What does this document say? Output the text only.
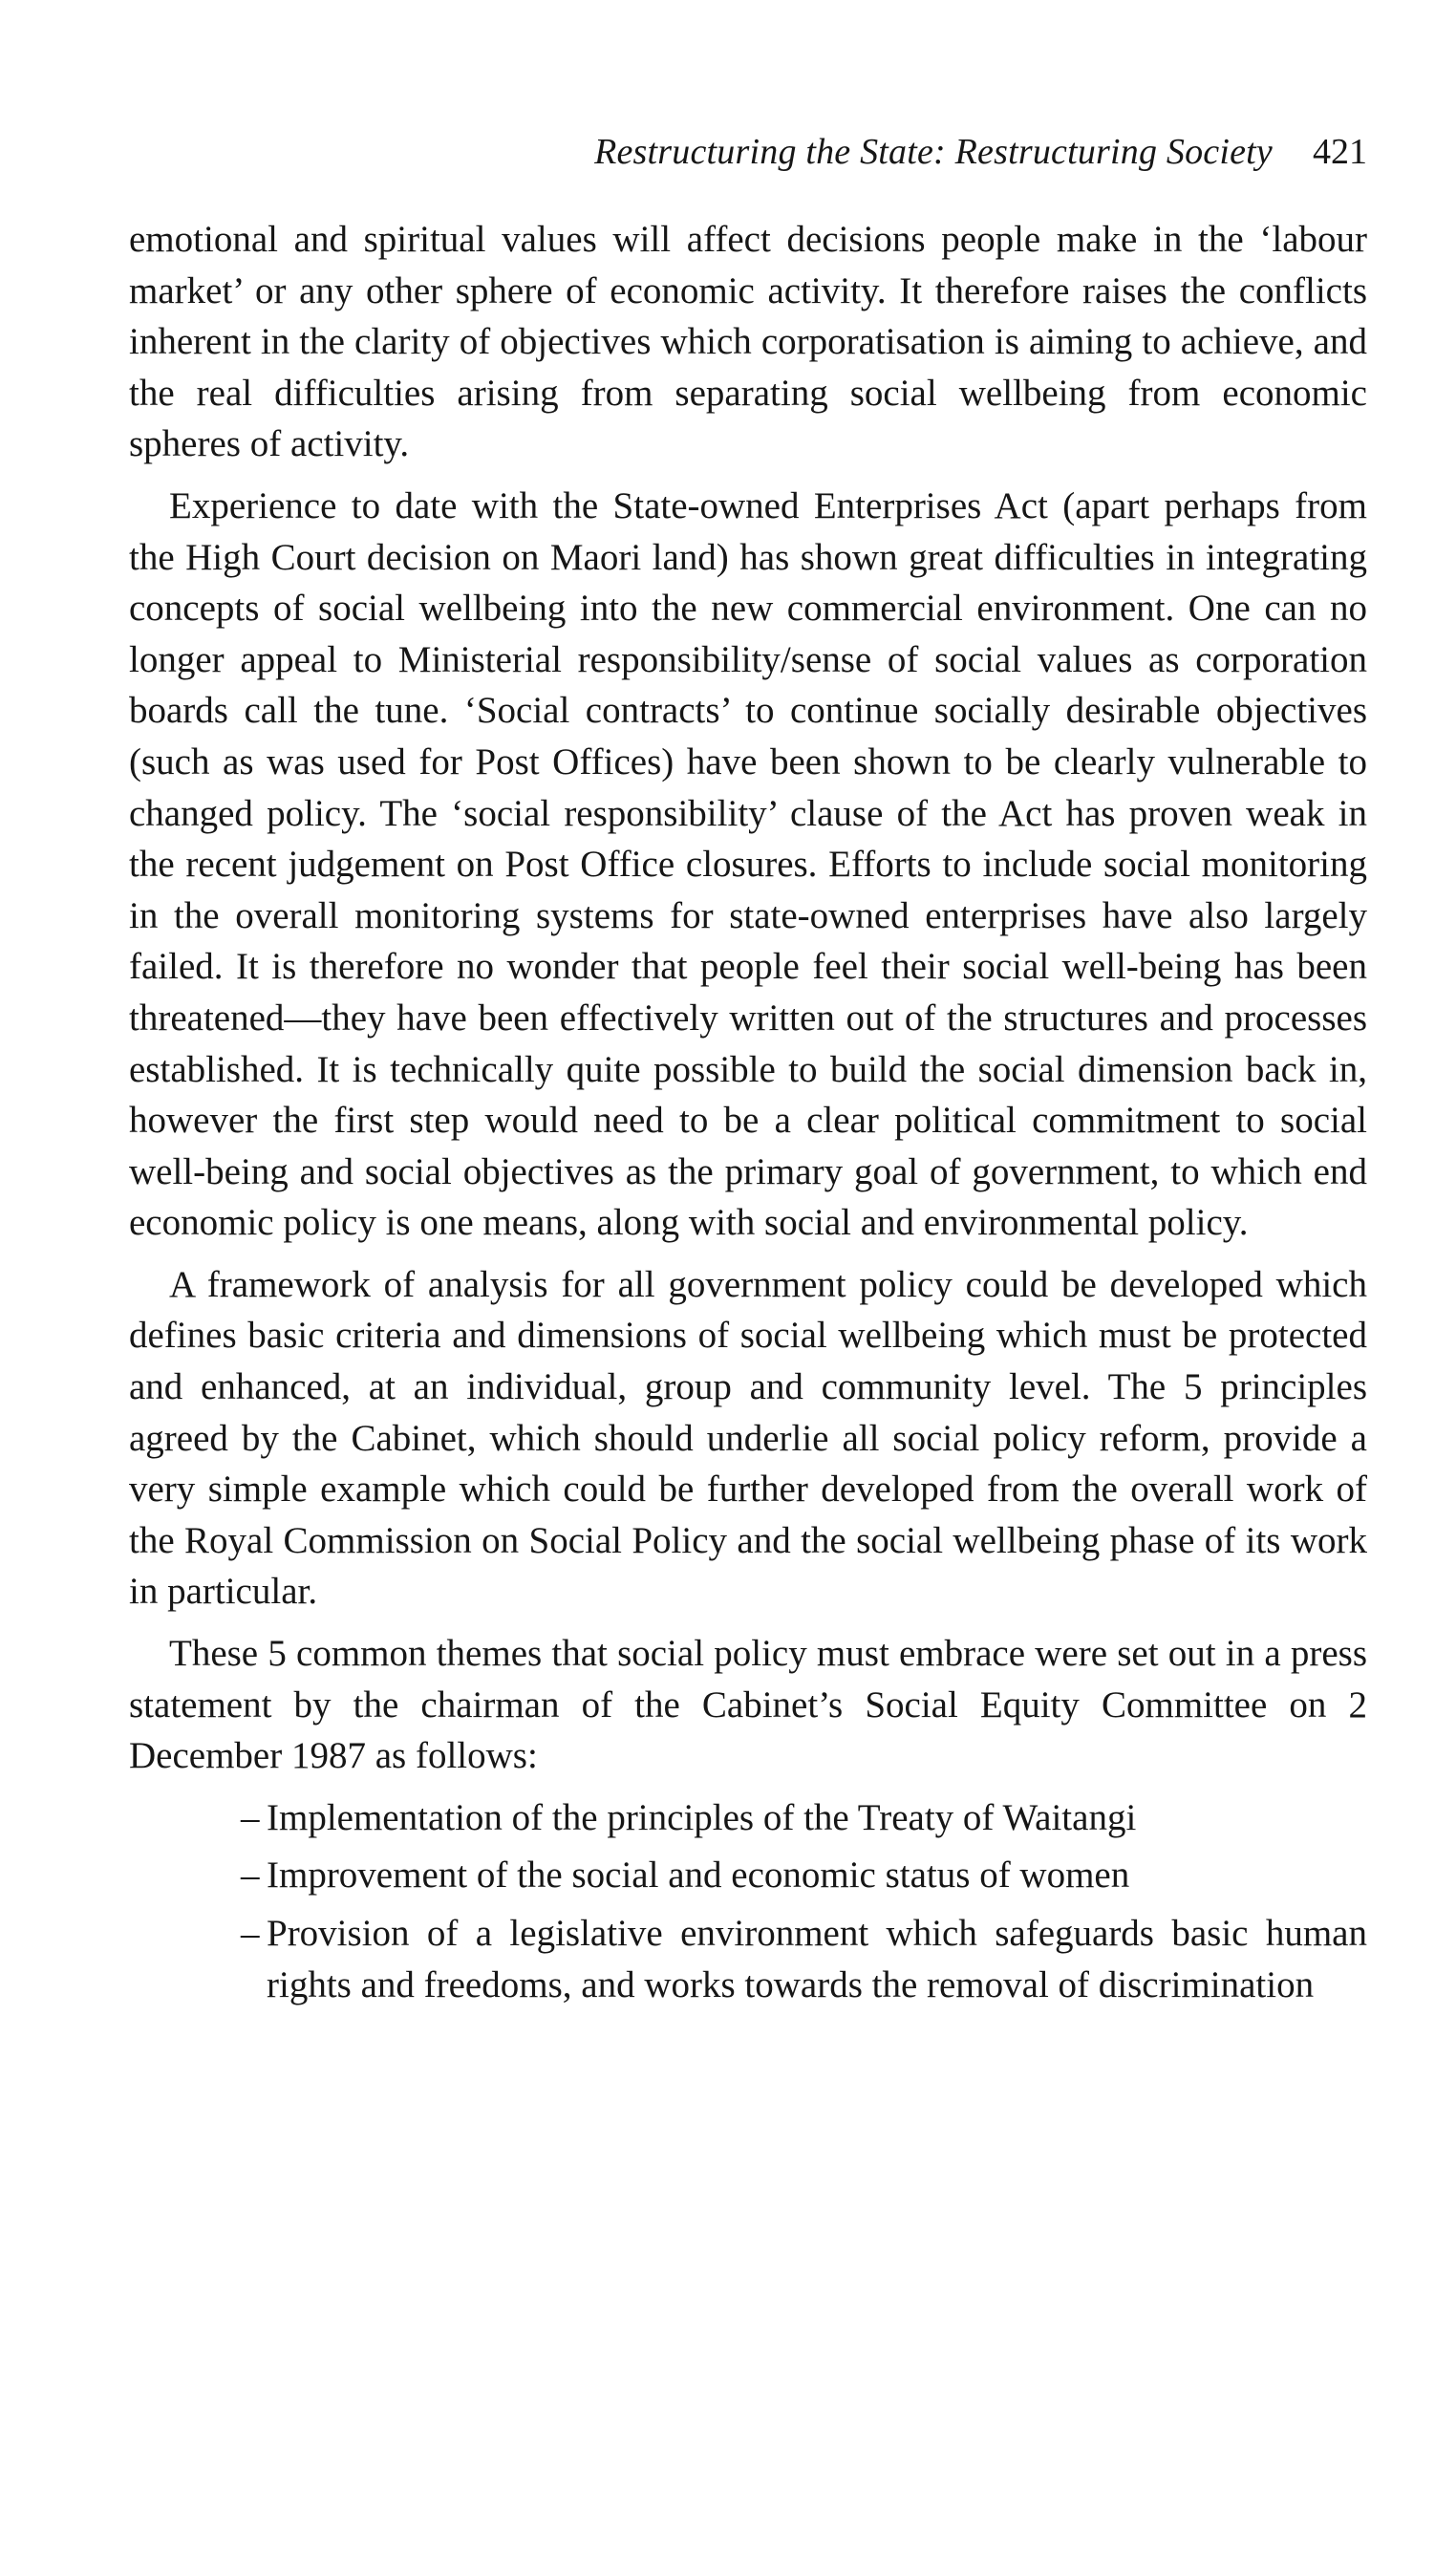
Restructuring the State: Restructuring Society 421

emotional and spiritual values will affect decisions people make in the ‘labour market’ or any other sphere of economic activity. It therefore raises the conflicts inherent in the clarity of objectives which corporatisation is aiming to achieve, and the real difficulties arising from separating social wellbeing from economic spheres of activity.

Experience to date with the State-owned Enterprises Act (apart perhaps from the High Court decision on Maori land) has shown great difficulties in integrating concepts of social wellbeing into the new commercial environment. One can no longer appeal to Ministerial responsibility/sense of social values as corporation boards call the tune. ‘Social contracts’ to continue socially desirable objectives (such as was used for Post Offices) have been shown to be clearly vulnerable to changed policy. The ‘social responsibility’ clause of the Act has proven weak in the recent judgement on Post Office closures. Efforts to include social monitoring in the overall monitoring systems for state-owned enterprises have also largely failed. It is therefore no wonder that people feel their social well-being has been threatened—they have been effectively written out of the structures and processes established. It is technically quite possible to build the social dimension back in, however the first step would need to be a clear political commitment to social well-being and social objectives as the primary goal of government, to which end economic policy is one means, along with social and environmental policy.

A framework of analysis for all government policy could be developed which defines basic criteria and dimensions of social wellbeing which must be protected and enhanced, at an individual, group and community level. The 5 principles agreed by the Cabinet, which should underlie all social policy reform, provide a very simple example which could be further developed from the overall work of the Royal Commission on Social Policy and the social wellbeing phase of its work in particular.

These 5 common themes that social policy must embrace were set out in a press statement by the chairman of the Cabinet’s Social Equity Committee on 2 December 1987 as follows:

– Implementation of the principles of the Treaty of Waitangi
– Improvement of the social and economic status of women
– Provision of a legislative environment which safeguards basic human rights and freedoms, and works towards the removal of discrimination
